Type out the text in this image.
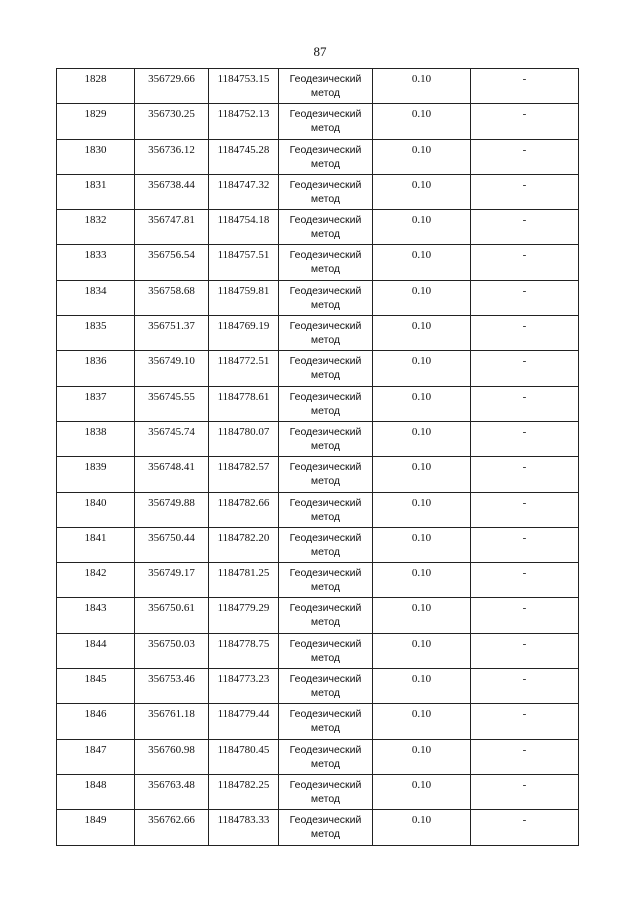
87
1828	356729.66	1184753.15	Геодезический метод	0.10	-
1829	356730.25	1184752.13	Геодезический метод	0.10	-
1830	356736.12	1184745.28	Геодезический метод	0.10	-
1831	356738.44	1184747.32	Геодезический метод	0.10	-
1832	356747.81	1184754.18	Геодезический метод	0.10	-
1833	356756.54	1184757.51	Геодезический метод	0.10	-
1834	356758.68	1184759.81	Геодезический метод	0.10	-
1835	356751.37	1184769.19	Геодезический метод	0.10	-
1836	356749.10	1184772.51	Геодезический метод	0.10	-
1837	356745.55	1184778.61	Геодезический метод	0.10	-
1838	356745.74	1184780.07	Геодезический метод	0.10	-
1839	356748.41	1184782.57	Геодезический метод	0.10	-
1840	356749.88	1184782.66	Геодезический метод	0.10	-
1841	356750.44	1184782.20	Геодезический метод	0.10	-
1842	356749.17	1184781.25	Геодезический метод	0.10	-
1843	356750.61	1184779.29	Геодезический метод	0.10	-
1844	356750.03	1184778.75	Геодезический метод	0.10	-
1845	356753.46	1184773.23	Геодезический метод	0.10	-
1846	356761.18	1184779.44	Геодезический метод	0.10	-
1847	356760.98	1184780.45	Геодезический метод	0.10	-
1848	356763.48	1184782.25	Геодезический метод	0.10	-
1849	356762.66	1184783.33	Геодезический метод	0.10	-
